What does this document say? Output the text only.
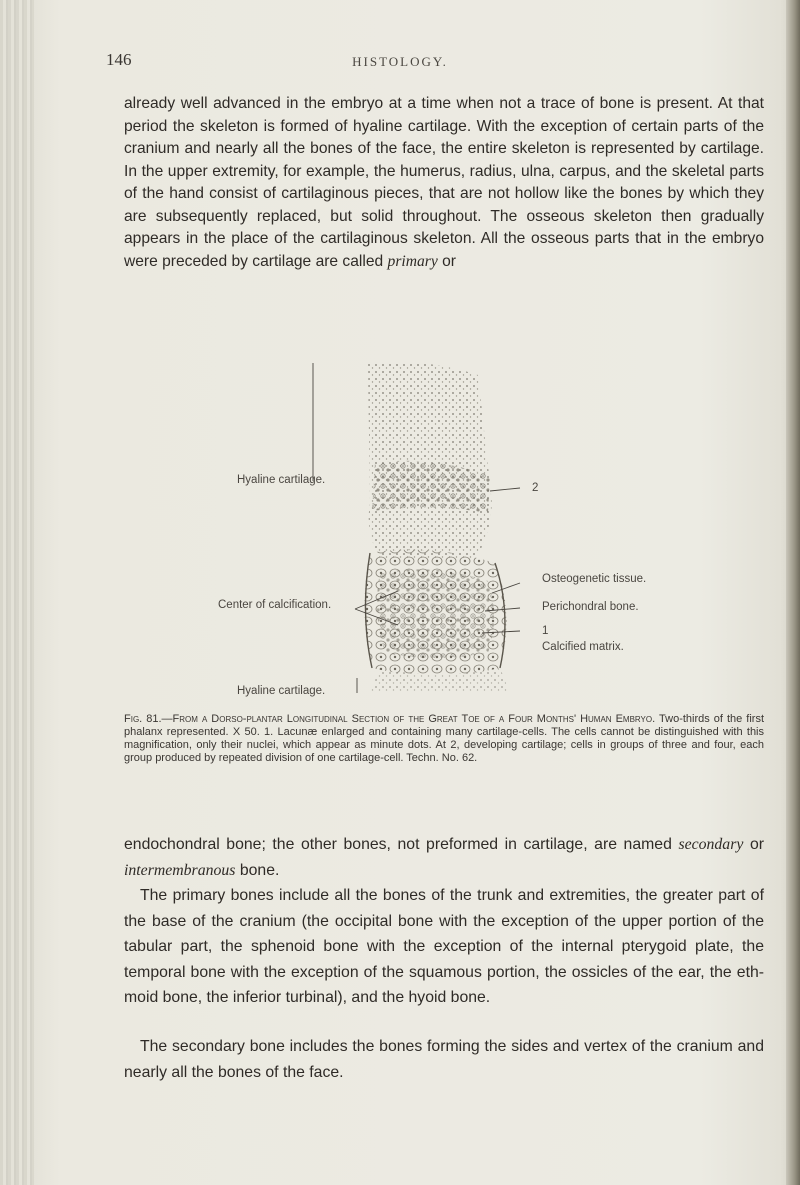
146	HISTOLOGY.

already well advanced in the embryo at a time when not a trace of bone is present. At that period the skeleton is formed of hyaline cartilage. With the exception of certain parts of the cranium and nearly all the bones of the face, the entire skeleton is represented by cartilage. In the upper extremity, for example, the humerus, radius, ulna, carpus, and the skeletal parts of the hand consist of cartilaginous pieces, that are not hollow like the bones by which they are subsequently replaced, but solid throughout. The osseous skeleton then gradually appears in the place of the cartilaginous skeleton. All the osseous parts that in the embryo were preceded by cartilage are called primary or

Hyaline cartilage.
2
Osteogenetic tissue.
Center of calcification.	Perichondral bone.
1
Calcified matrix.
Hyaline cartilage.
Fig. 81.—From a Dorso-plantar Longitudinal Section of the Great Toe of a Four Months' Human Embryo. Two-thirds of the first phalanx represented. X 50. 1. Lacunæ enlarged and containing many cartilage-cells. The cells cannot be distinguished with this magnification, only their nuclei, which appear as minute dots. At 2, developing cartilage; cells in groups of three and four, each group produced by repeated division of one cartilage-cell. Techn. No. 62.

endochondral bone; the other bones, not preformed in cartilage, are named secondary or intermembranous bone.

The primary bones include all the bones of the trunk and extremities, the greater part of the base of the cranium (the occipital bone with the exception of the upper portion of the tabular part, the sphenoid bone with the exception of the internal pterygoid plate, the temporal bone with the exception of the squamous portion, the ossicles of the ear, the eth- moid bone, the inferior turbinal), and the hyoid bone.

The secondary bone includes the bones forming the sides and vertex of the cranium and nearly all the bones of the face.
